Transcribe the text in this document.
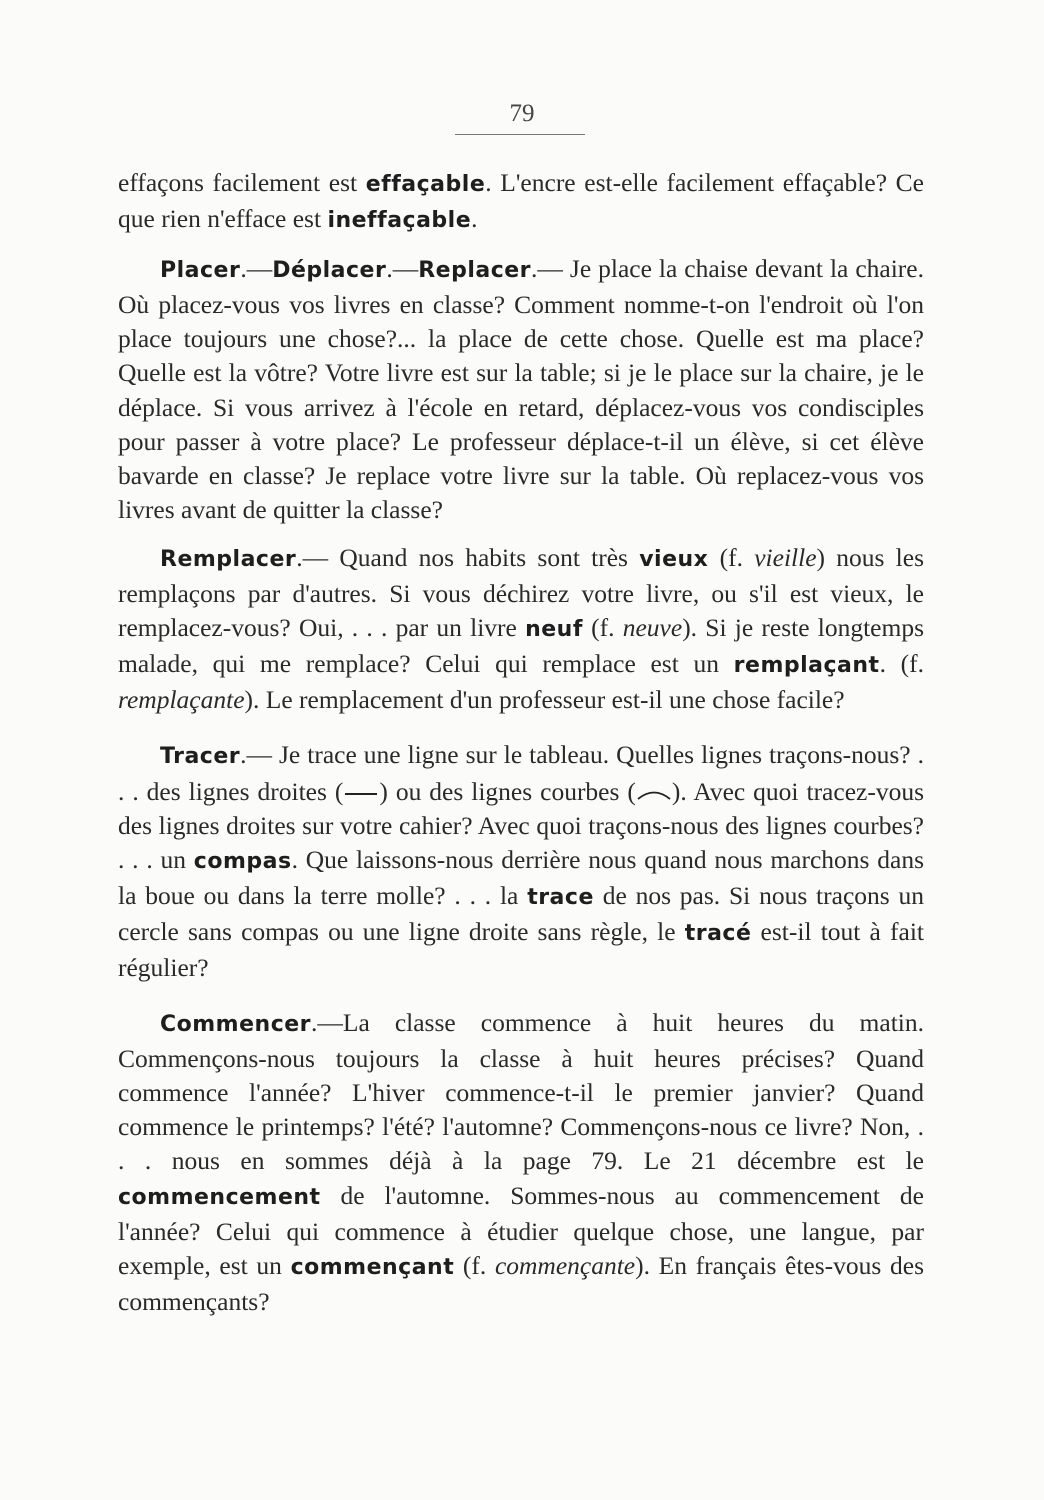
79

effaçons facilement est effaçable. L'encre est-elle facilement effaçable? Ce que rien n'efface est ineffaçable.

Placer.—Déplacer.—Replacer.— Je place la chaise devant la chaire. Où placez-vous vos livres en classe? Comment nomme-t-on l'endroit où l'on place toujours une chose?... la place de cette chose. Quelle est ma place? Quelle est la vôtre? Votre livre est sur la table; si je le place sur la chaire, je le déplace. Si vous arrivez à l'école en retard, déplacez-vous vos condisciples pour passer à votre place? Le professeur déplace-t-il un élève, si cet élève bavarde en classe? Je replace votre livre sur la table. Où replacez-vous vos livres avant de quitter la classe?

Remplacer.— Quand nos habits sont très vieux (f. vieille) nous les remplaçons par d'autres. Si vous déchirez votre livre, ou s'il est vieux, le remplacez-vous? Oui, . . . par un livre neuf (f. neuve). Si je reste longtemps malade, qui me remplace? Celui qui remplace est un remplaçant. (f. remplaçante). Le remplacement d'un professeur est-il une chose facile?

Tracer.— Je trace une ligne sur le tableau. Quelles lignes traçons-nous? . . . des lignes droites ( ) ou des lignes courbes ( ). Avec quoi tracez-vous des lignes droites sur votre cahier? Avec quoi traçons-nous des lignes courbes? . . . un compas. Que laissons-nous derrière nous quand nous marchons dans la boue ou dans la terre molle? . . . la trace de nos pas. Si nous traçons un cercle sans compas ou une ligne droite sans règle, le tracé est-il tout à fait régulier?

Commencer.—La classe commence à huit heures du matin. Commençons-nous toujours la classe à huit heures précises? Quand commence l'année? L'hiver commence-t-il le premier janvier? Quand commence le printemps? l'été? l'automne? Commençons-nous ce livre? Non, . . . nous en sommes déjà à la page 79. Le 21 décembre est le commencement de l'automne. Sommes-nous au commencement de l'année? Celui qui commence à étudier quelque chose, une langue, par exemple, est un commençant (f. commençante). En français êtes-vous des commençants?
